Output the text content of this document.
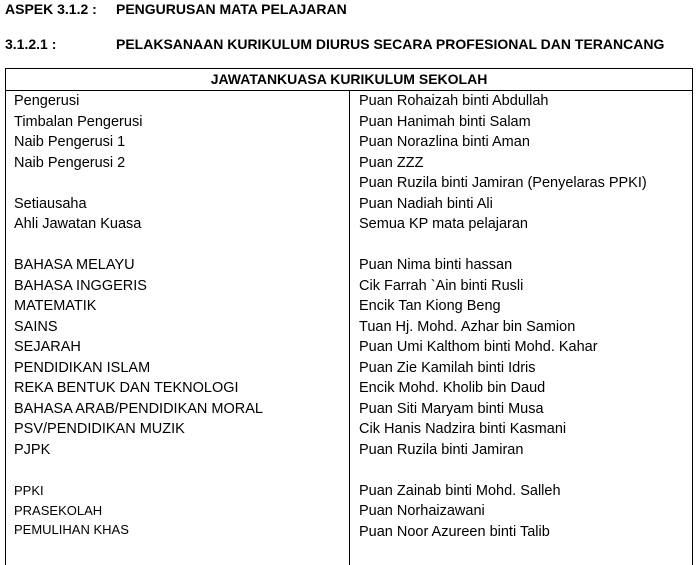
ASPEK 3.1.2 : PENGURUSAN MATA PELAJARAN
3.1.2.1 :	PELAKSANAAN KURIKULUM DIURUS SECARA PROFESIONAL DAN TERANCANG
JAWATANKUASA KURIKULUM SEKOLAH
Pengerusi
Timbalan Pengerusi
Naib Pengerusi 1
Naib Pengerusi 2
Setiausaha
Ahli Jawatan Kuasa
BAHASA MELAYU
BAHASA INGGERIS
MATEMATIK
SAINS
SEJARAH
PENDIDIKAN ISLAM
REKA BENTUK DAN TEKNOLOGI
BAHASA ARAB/PENDIDIKAN MORAL
PSV/PENDIDIKAN MUZIK
PJPK
PPKI
PRASEKOLAH
PEMULIHAN KHAS
Puan Rohaizah binti Abdullah
Puan Hanimah binti Salam
Puan Norazlina binti Aman
Puan ZZZ
Puan Ruzila binti Jamiran (Penyelaras PPKI)
Puan Nadiah binti Ali
Semua KP mata pelajaran
Puan Nima binti hassan
Cik Farrah `Ain binti Rusli
Encik Tan Kiong Beng
Tuan Hj. Mohd. Azhar bin Samion
Puan Umi Kalthom binti Mohd. Kahar
Puan Zie Kamilah binti Idris
Encik Mohd. Kholib bin Daud
Puan Siti Maryam binti Musa
Cik Hanis Nadzira binti Kasmani
Puan Ruzila binti Jamiran
Puan Zainab binti Mohd. Salleh
Puan Norhaizawani
Puan Noor Azureen binti Talib
